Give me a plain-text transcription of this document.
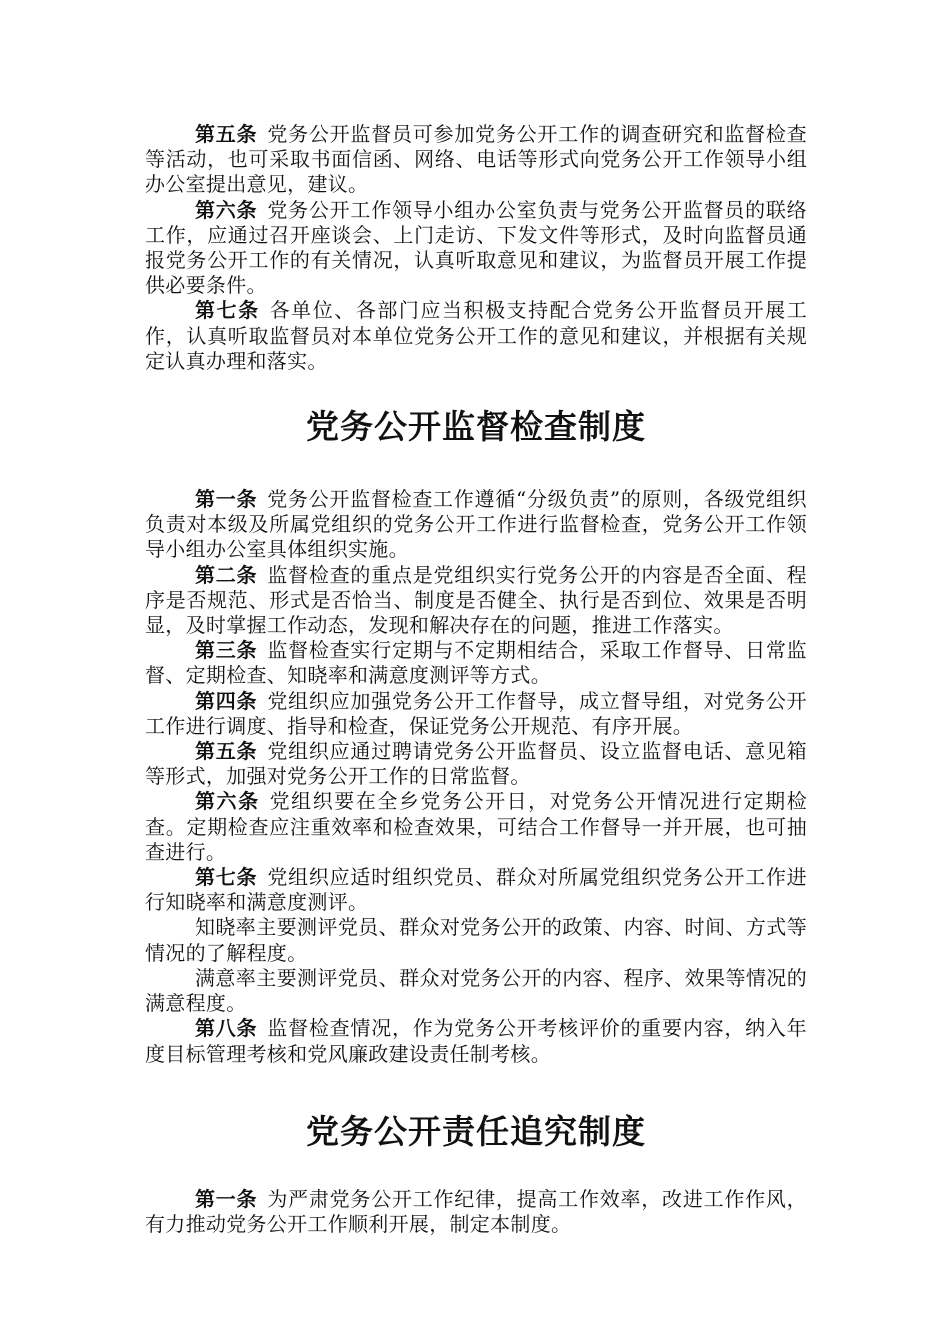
第五条 党务公开监督员可参加党务公开工作的调查研究和监督检查等活动，也可采取书面信函、网络、电话等形式向党务公开工作领导小组办公室提出意见，建议。

第六条 党务公开工作领导小组办公室负责与党务公开监督员的联络工作，应通过召开座谈会、上门走访、下发文件等形式，及时向监督员通报党务公开工作的有关情况，认真听取意见和建议，为监督员开展工作提供必要条件。

第七条 各单位、各部门应当积极支持配合党务公开监督员开展工作，认真听取监督员对本单位党务公开工作的意见和建议，并根据有关规定认真办理和落实。

党务公开监督检查制度

第一条 党务公开监督检查工作遵循“分级负责”的原则，各级党组织负责对本级及所属党组织的党务公开工作进行监督检查，党务公开工作领导小组办公室具体组织实施。

第二条 监督检查的重点是党组织实行党务公开的内容是否全面、程序是否规范、形式是否恰当、制度是否健全、执行是否到位、效果是否明显，及时掌握工作动态，发现和解决存在的问题，推进工作落实。

第三条 监督检查实行定期与不定期相结合，采取工作督导、日常监督、定期检查、知晓率和满意度测评等方式。

第四条 党组织应加强党务公开工作督导，成立督导组，对党务公开工作进行调度、指导和检查，保证党务公开规范、有序开展。

第五条 党组织应通过聘请党务公开监督员、设立监督电话、意见箱等形式，加强对党务公开工作的日常监督。

第六条 党组织要在全乡党务公开日，对党务公开情况进行定期检查。定期检查应注重效率和检查效果，可结合工作督导一并开展，也可抽查进行。

第七条 党组织应适时组织党员、群众对所属党组织党务公开工作进行知晓率和满意度测评。

知晓率主要测评党员、群众对党务公开的政策、内容、时间、方式等情况的了解程度。

满意率主要测评党员、群众对党务公开的内容、程序、效果等情况的满意程度。

第八条 监督检查情况，作为党务公开考核评价的重要内容，纳入年度目标管理考核和党风廉政建设责任制考核。

党务公开责任追究制度

第一条 为严肃党务公开工作纪律，提高工作效率，改进工作作风，有力推动党务公开工作顺利开展，制定本制度。
